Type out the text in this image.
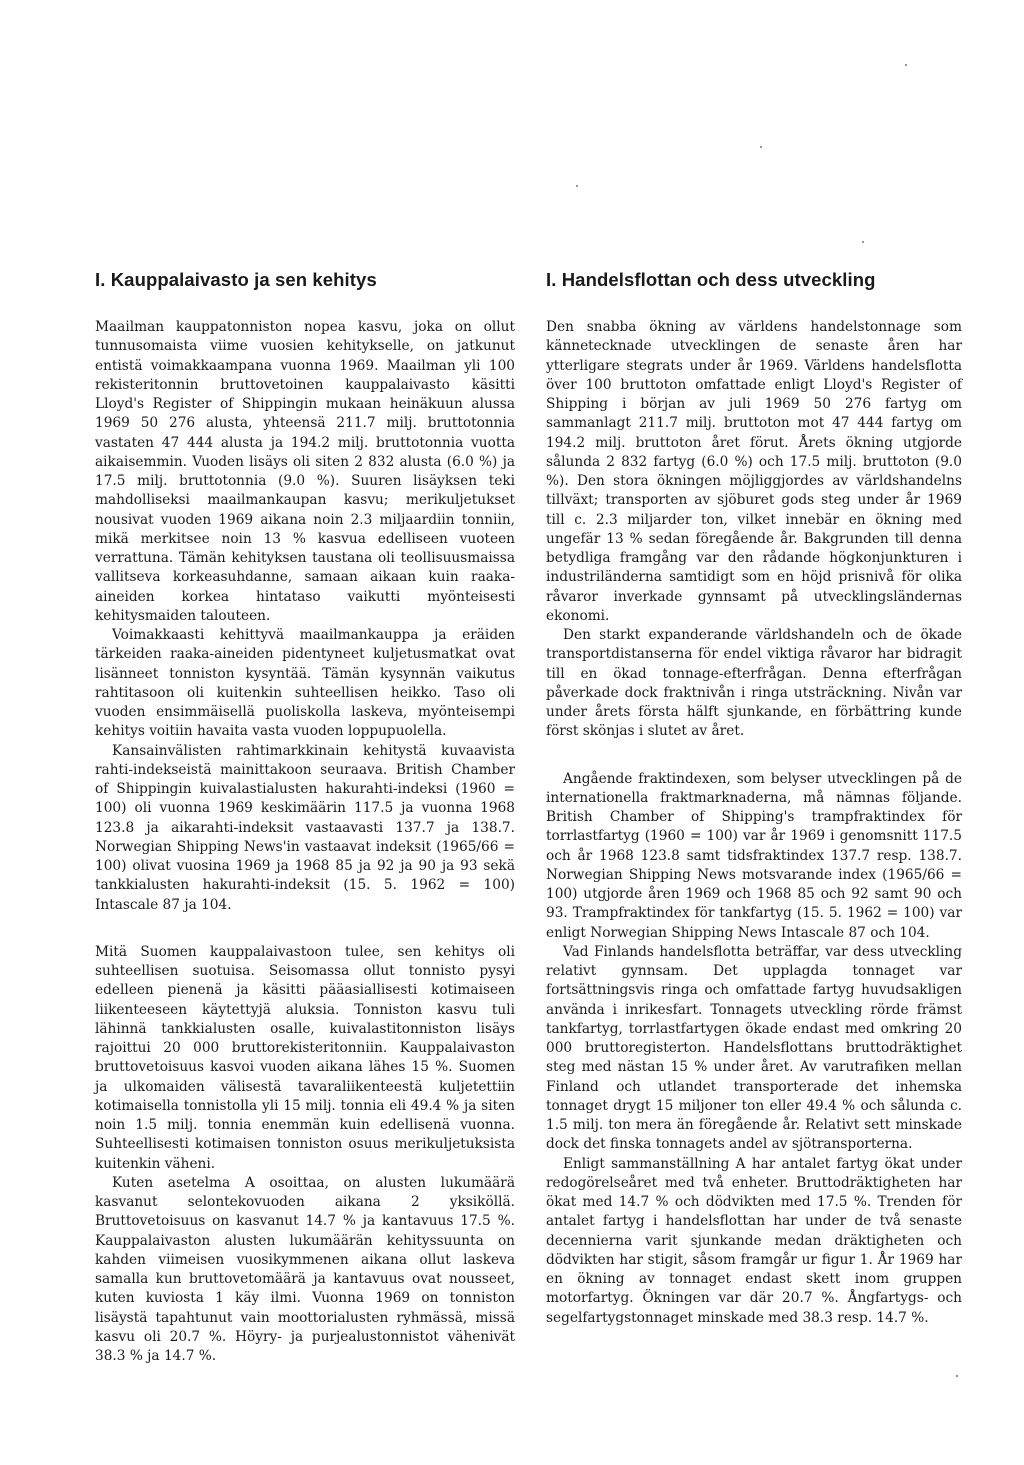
I. Kauppalaivasto ja sen kehitys

Maailman kauppatonniston nopea kasvu, joka on ollut tunnusomaista viime vuosien kehitykselle, on jatkunut entistä voimakkaampana vuonna 1969. Maailman yli 100 rekisteritonnin bruttovetoinen kauppalaivasto käsitti Lloyd's Register of Shippingin mukaan heinäkuun alussa 1969 50 276 alusta, yhteensä 211.7 milj. bruttotonnia vastaten 47 444 alusta ja 194.2 milj. bruttotonnia vuotta aikaisemmin. Vuoden lisäys oli siten 2 832 alusta (6.0 %) ja 17.5 milj. bruttotonnia (9.0 %). Suuren lisäyksen teki mahdolliseksi maailmankaupan kasvu; merikuljetukset nousivat vuoden 1969 aikana noin 2.3 miljaardiin tonniin, mikä merkitsee noin 13 % kasvua edelliseen vuoteen verrattuna. Tämän kehityksen taustana oli teollisuusmaissa vallitseva korkeasuhdanne, samaan aikaan kuin raaka-aineiden korkea hintataso vaikutti myönteisesti kehitysmaiden talouteen.

Voimakkaasti kehittyvä maailmankauppa ja eräiden tärkeiden raaka-aineiden pidentyneet kuljetusmatkat ovat lisänneet tonniston kysyntää. Tämän kysynnän vaikutus rahtitasoon oli kuitenkin suhteellisen heikko. Taso oli vuoden ensimmäisellä puoliskolla laskeva, myönteisempi kehitys voitiin havaita vasta vuoden loppupuolella.

Kansainvälisten rahtimarkkinain kehitystä kuvaavista rahti-indekseistä mainittakoon seuraava. British Chamber of Shippingin kuivalastialusten hakurahti-indeksi (1960 = 100) oli vuonna 1969 keskimäärin 117.5 ja vuonna 1968 123.8 ja aikarahti-indeksit vastaavasti 137.7 ja 138.7. Norwegian Shipping News'in vastaavat indeksit (1965/66 = 100) olivat vuosina 1969 ja 1968 85 ja 92 ja 90 ja 93 sekä tankkialusten hakurahti-indeksit (15. 5. 1962 = 100) Intascale 87 ja 104.

Mitä Suomen kauppalaivastoon tulee, sen kehitys oli suhteellisen suotuisa. Seisomassa ollut tonnisto pysyi edelleen pienenä ja käsitti pääasiallisesti kotimaiseen liikenteeseen käytettyjä aluksia. Tonniston kasvu tuli lähinnä tankkialusten osalle, kuivalastitonniston lisäys rajoittui 20 000 bruttorekisteritonniin. Kauppalaivaston bruttovetoisuus kasvoi vuoden aikana lähes 15 %. Suomen ja ulkomaiden välisestä tavaraliikenteestä kuljetettiin kotimaisella tonnistolla yli 15 milj. tonnia eli 49.4 % ja siten noin 1.5 milj. tonnia enemmän kuin edellisenä vuonna. Suhteellisesti kotimaisen tonniston osuus merikuljetuksista kuitenkin väheni.

Kuten asetelma A osoittaa, on alusten lukumäärä kasvanut selontekovuoden aikana 2 yksiköllä. Bruttovetoisuus on kasvanut 14.7 % ja kantavuus 17.5 %. Kauppalaivaston alusten lukumäärän kehityssuunta on kahden viimeisen vuosikymmenen aikana ollut laskeva samalla kun bruttovetomäärä ja kantavuus ovat nousseet, kuten kuviosta 1 käy ilmi. Vuonna 1969 on tonniston lisäystä tapahtunut vain moottorialusten ryhmässä, missä kasvu oli 20.7 %. Höyry- ja purjealustonnistot vähenivät 38.3 % ja 14.7 %.

I. Handelsflottan och dess utveckling

Den snabba ökning av världens handelstonnage som kännetecknade utvecklingen de senaste åren har ytterligare stegrats under år 1969. Världens handelsflotta över 100 bruttoton omfattade enligt Lloyd's Register of Shipping i början av juli 1969 50 276 fartyg om sammanlagt 211.7 milj. bruttoton mot 47 444 fartyg om 194.2 milj. bruttoton året förut. Årets ökning utgjorde sålunda 2 832 fartyg (6.0 %) och 17.5 milj. bruttoton (9.0 %). Den stora ökningen möjliggjordes av världshandelns tillväxt; transporten av sjöburet gods steg under år 1969 till c. 2.3 miljarder ton, vilket innebär en ökning med ungefär 13 % sedan föregående år. Bakgrunden till denna betydliga framgång var den rådande högkonjunkturen i industriländerna samtidigt som en höjd prisnivå för olika råvaror inverkade gynnsamt på utvecklingsländernas ekonomi.

Den starkt expanderande världshandeln och de ökade transportdistanserna för endel viktiga råvaror har bidragit till en ökad tonnage-efterfrågan. Denna efterfrågan påverkade dock fraktnivån i ringa utsträckning. Nivån var under årets första hälft sjunkande, en förbättring kunde först skönjas i slutet av året.

Angående fraktindexen, som belyser utvecklingen på de internationella fraktmarknaderna, må nämnas följande. British Chamber of Shipping's trampfraktindex för torrlastfartyg (1960 = 100) var år 1969 i genomsnitt 117.5 och år 1968 123.8 samt tidsfraktindex 137.7 resp. 138.7. Norwegian Shipping News motsvarande index (1965/66 = 100) utgjorde åren 1969 och 1968 85 och 92 samt 90 och 93. Trampfraktindex för tankfartyg (15. 5. 1962 = 100) var enligt Norwegian Shipping News Intascale 87 och 104.

Vad Finlands handelsflotta beträffar, var dess utveckling relativt gynnsam. Det upplagda tonnaget var fortsättningsvis ringa och omfattade fartyg huvudsakligen använda i inrikesfart. Tonnagets utveckling rörde främst tankfartyg, torrlastfartygen ökade endast med omkring 20 000 bruttoregisterton. Handelsflottans bruttodräktighet steg med nästan 15 % under året. Av varutrafiken mellan Finland och utlandet transporterade det inhemska tonnaget drygt 15 miljoner ton eller 49.4 % och sålunda c. 1.5 milj. ton mera än föregående år. Relativt sett minskade dock det finska tonnagets andel av sjötransporterna.

Enligt sammanställning A har antalet fartyg ökat under redogörelseåret med två enheter. Bruttodräktigheten har ökat med 14.7 % och dödvikten med 17.5 %. Trenden för antalet fartyg i handelsflottan har under de två senaste decennierna varit sjunkande medan dräktigheten och dödvikten har stigit, såsom framgår ur figur 1. År 1969 har en ökning av tonnaget endast skett inom gruppen motorfartyg. Ökningen var där 20.7 %. Ångfartygs- och segelfartygstonnaget minskade med 38.3 resp. 14.7 %.
